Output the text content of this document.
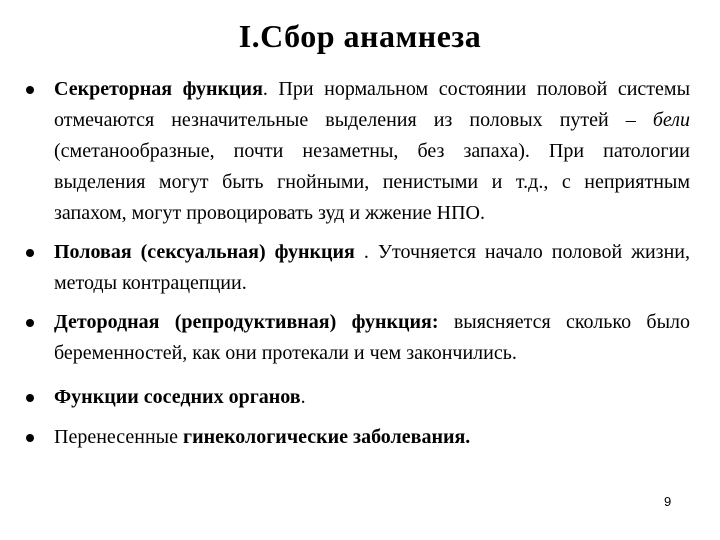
I.Сбор анамнеза
Секреторная функция. При нормальном состоянии половой системы отмечаются незначительные выделения из половых путей – бели (сметанообразные, почти незаметны, без запаха). При патологии выделения могут быть гнойными, пенистыми и т.д., с неприятным запахом, могут провоцировать зуд и жжение НПО.
Половая (сексуальная) функция . Уточняется начало половой жизни, методы контрацепции.
Детородная (репродуктивная) функция: выясняется сколько было беременностей, как они протекали и чем закончились.
Функции соседних органов.
Перенесенные гинекологические заболевания.
9
